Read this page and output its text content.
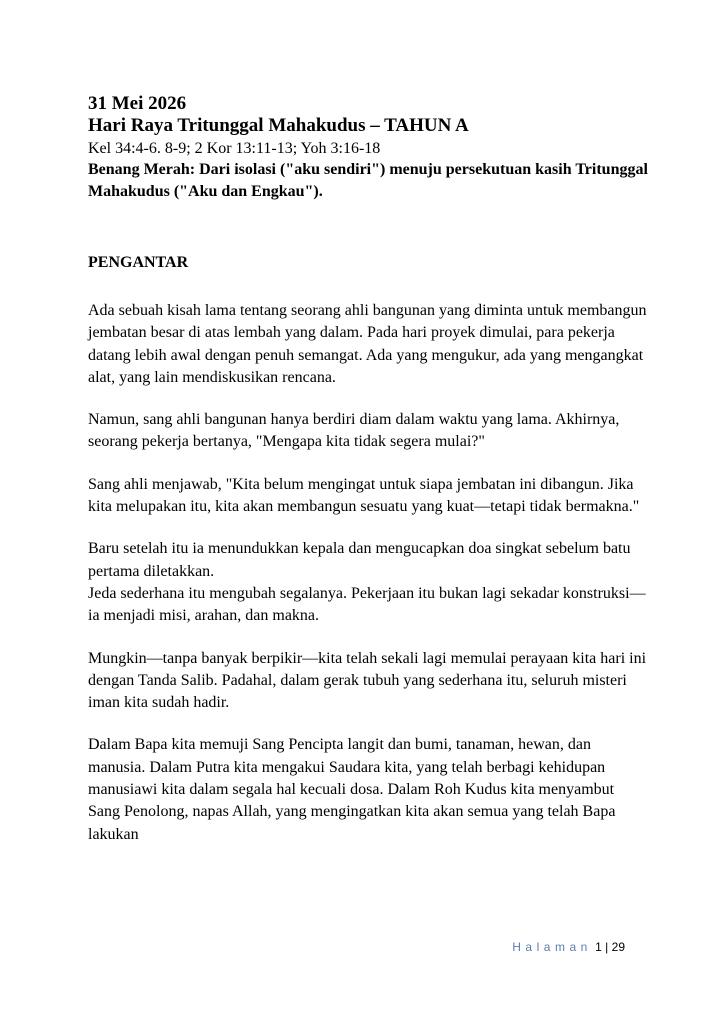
31 Mei 2026

Hari Raya Tritunggal Mahakudus – TAHUN A

Kel 34:4-6. 8-9; 2 Kor 13:11-13; Yoh 3:16-18

Benang Merah: Dari isolasi ("aku sendiri") menuju persekutuan kasih Tritunggal Mahakudus ("Aku dan Engkau").

PENGANTAR

Ada sebuah kisah lama tentang seorang ahli bangunan yang diminta untuk membangun jembatan besar di atas lembah yang dalam. Pada hari proyek dimulai, para pekerja datang lebih awal dengan penuh semangat. Ada yang mengukur, ada yang mengangkat alat, yang lain mendiskusikan rencana.

Namun, sang ahli bangunan hanya berdiri diam dalam waktu yang lama. Akhirnya, seorang pekerja bertanya, "Mengapa kita tidak segera mulai?"

Sang ahli menjawab, "Kita belum mengingat untuk siapa jembatan ini dibangun. Jika kita melupakan itu, kita akan membangun sesuatu yang kuat—tetapi tidak bermakna."

Baru setelah itu ia menundukkan kepala dan mengucapkan doa singkat sebelum batu pertama diletakkan.

Jeda sederhana itu mengubah segalanya. Pekerjaan itu bukan lagi sekadar konstruksi—ia menjadi misi, arahan, dan makna.

Mungkin—tanpa banyak berpikir—kita telah sekali lagi memulai perayaan kita hari ini dengan Tanda Salib. Padahal, dalam gerak tubuh yang sederhana itu, seluruh misteri iman kita sudah hadir.

Dalam Bapa kita memuji Sang Pencipta langit dan bumi, tanaman, hewan, dan manusia. Dalam Putra kita mengakui Saudara kita, yang telah berbagi kehidupan manusiawi kita dalam segala hal kecuali dosa. Dalam Roh Kudus kita menyambut Sang Penolong, napas Allah, yang mengingatkan kita akan semua yang telah Bapa lakukan

Halaman 1 | 29
